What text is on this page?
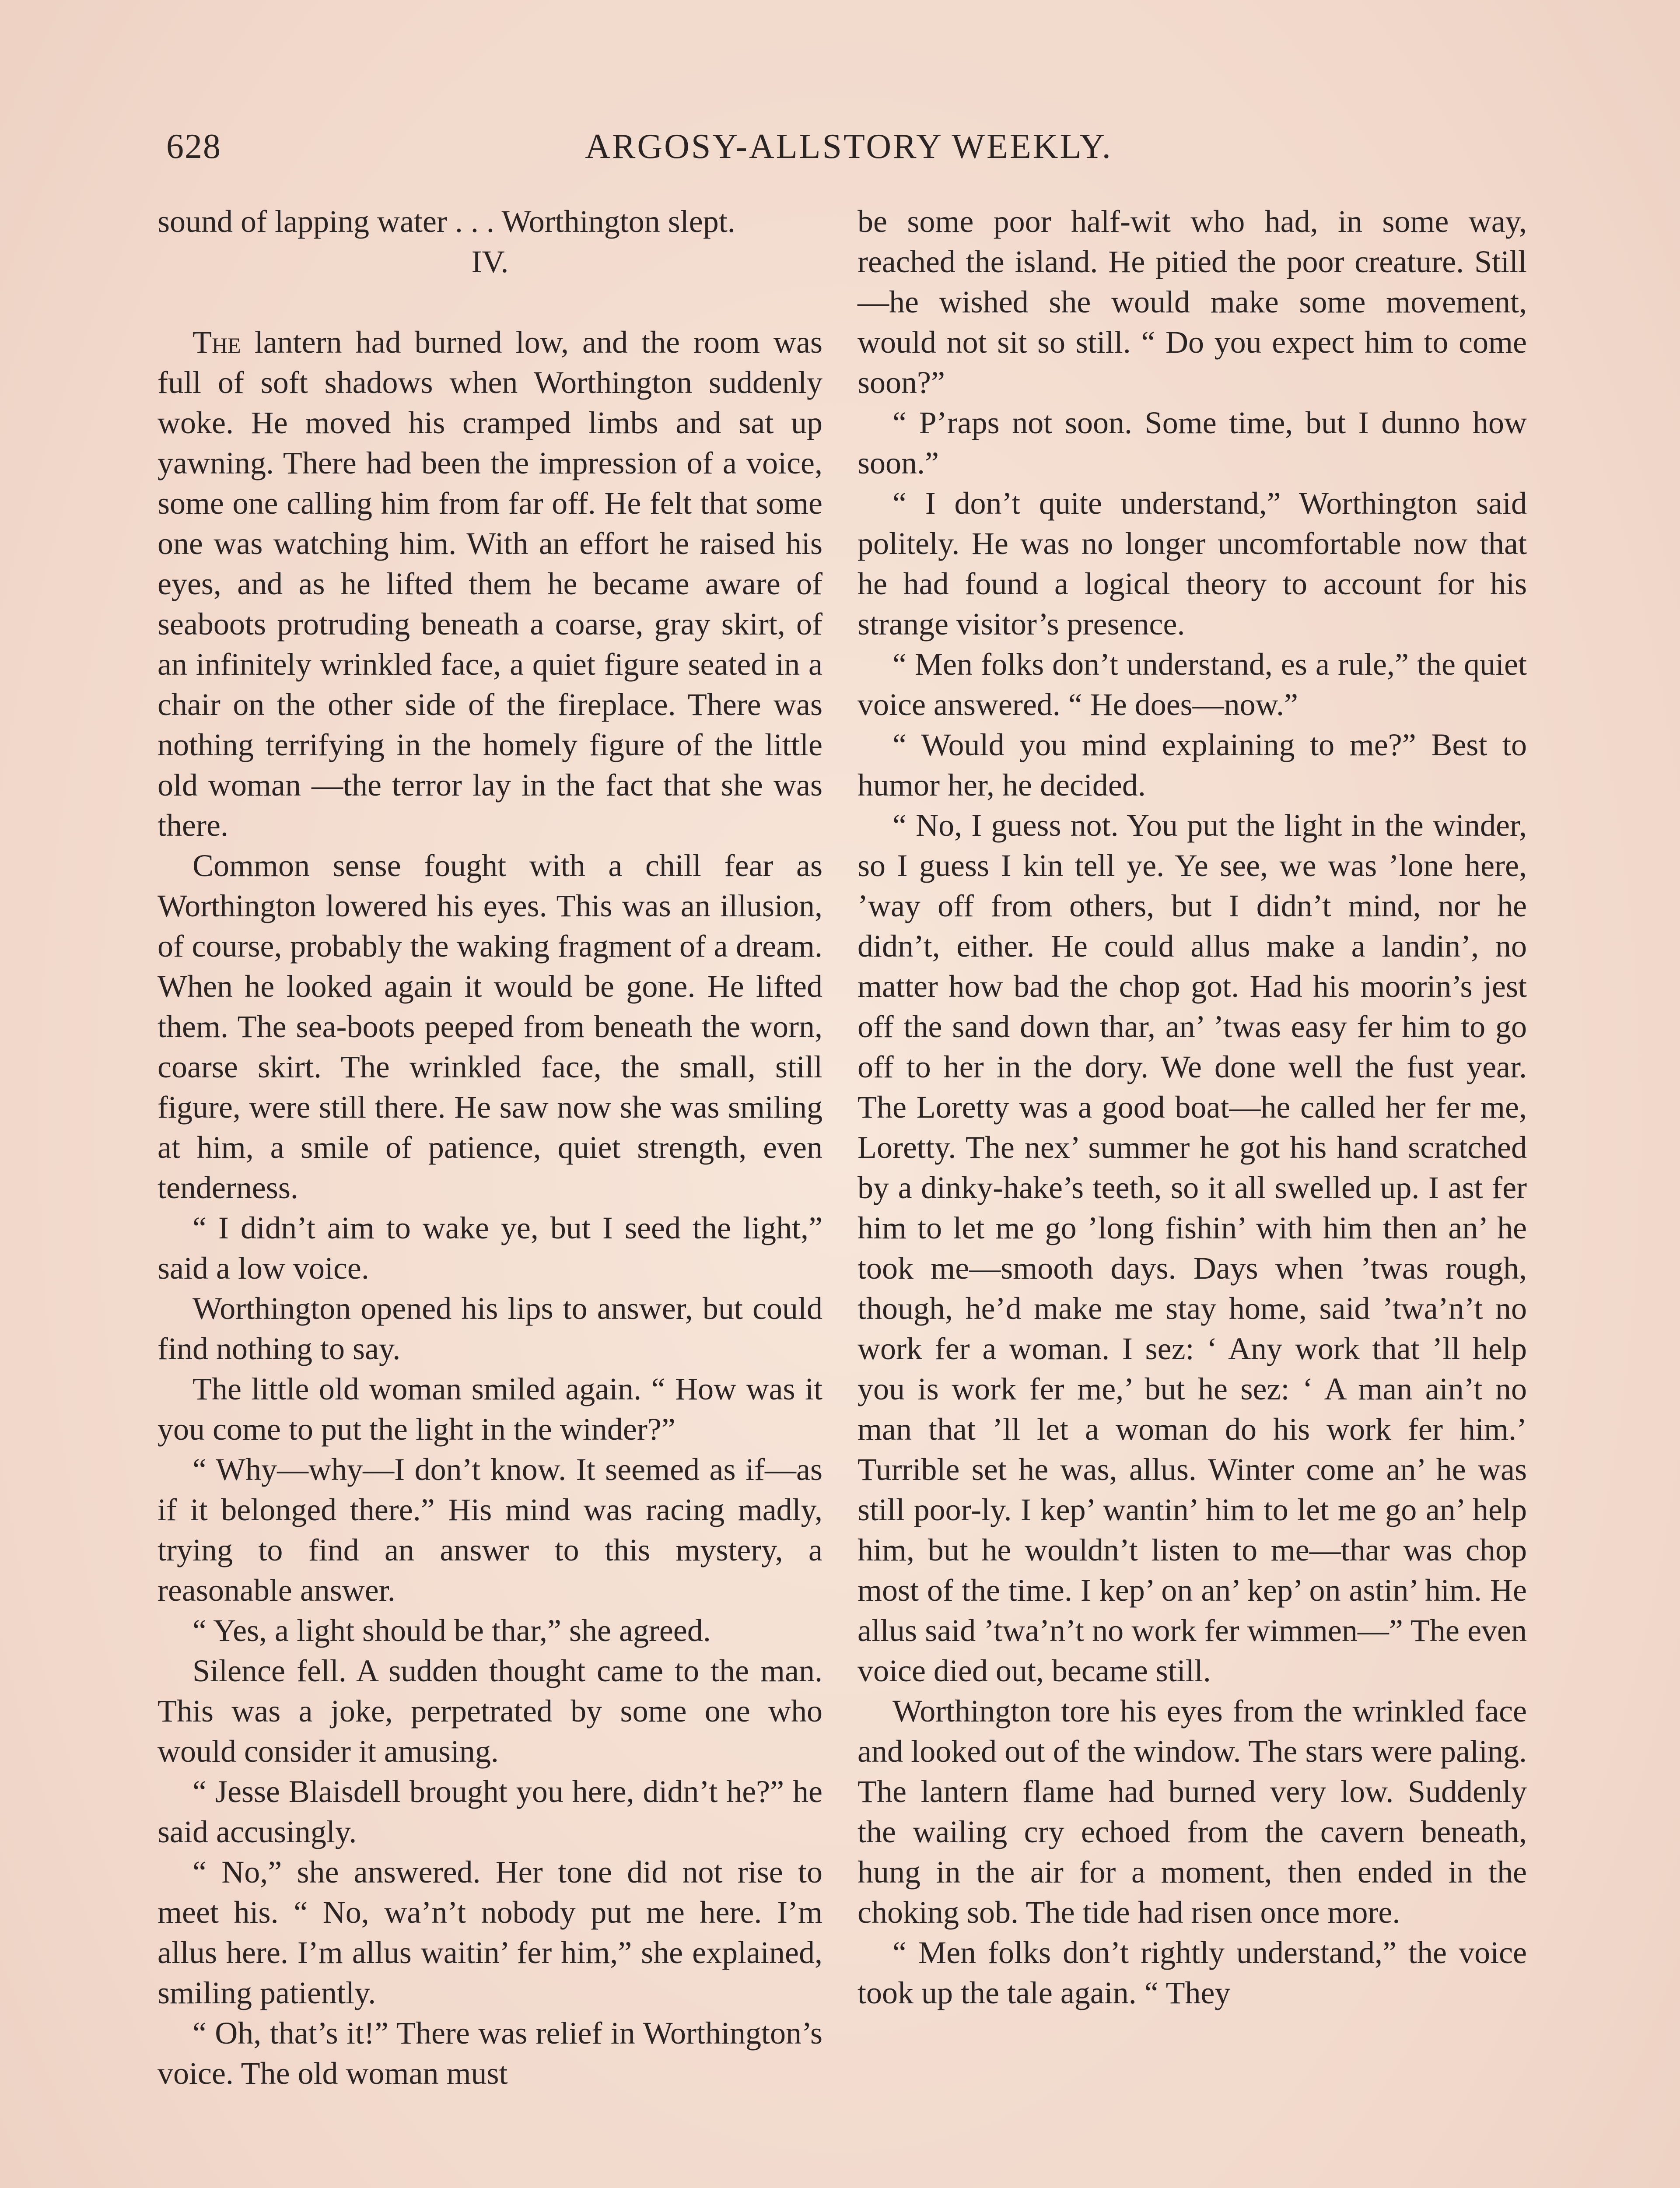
628	ARGOSY-ALLSTORY WEEKLY.

sound of lapping water . . . Worthington slept.

IV.

The lantern had burned low, and the room was full of soft shadows when Worthington suddenly woke. He moved his cramped limbs and sat up yawning. There had been the impression of a voice, some one calling him from far off. He felt that some one was watching him. With an effort he raised his eyes, and as he lifted them he became aware of seaboots protruding beneath a coarse, gray skirt, of an infinitely wrinkled face, a quiet figure seated in a chair on the other side of the fireplace. There was nothing terrifying in the homely figure of the little old woman —the terror lay in the fact that she was there.

Common sense fought with a chill fear as Worthington lowered his eyes. This was an illusion, of course, probably the waking fragment of a dream. When he looked again it would be gone. He lifted them. The sea-boots peeped from beneath the worn, coarse skirt. The wrinkled face, the small, still figure, were still there. He saw now she was smiling at him, a smile of patience, quiet strength, even tenderness.

“ I didn’t aim to wake ye, but I seed the light,” said a low voice.

Worthington opened his lips to answer, but could find nothing to say.

The little old woman smiled again. “ How was it you come to put the light in the winder?”

“ Why—why—I don’t know. It seemed as if—as if it belonged there.” His mind was racing madly, trying to find an answer to this mystery, a reasonable answer.

“ Yes, a light should be thar,” she agreed.

Silence fell. A sudden thought came to the man. This was a joke, perpetrated by some one who would consider it amusing.

“ Jesse Blaisdell brought you here, didn’t he?” he said accusingly.

“ No,” she answered. Her tone did not rise to meet his. “ No, wa’n’t nobody put me here. I’m allus here. I’m allus waitin’ fer him,” she explained, smiling patiently.

“ Oh, that’s it!” There was relief in Worthington’s voice. The old woman must

be some poor half-wit who had, in some way, reached the island. He pitied the poor creature. Still—he wished she would make some movement, would not sit so still. “ Do you expect him to come soon?”

“ P’raps not soon. Some time, but I dunno how soon.”

“ I don’t quite understand,” Worthington said politely. He was no longer uncomfortable now that he had found a logical theory to account for his strange visitor’s presence.

“ Men folks don’t understand, es a rule,” the quiet voice answered. “ He does—now.”

“ Would you mind explaining to me?” Best to humor her, he decided.

“ No, I guess not. You put the light in the winder, so I guess I kin tell ye. Ye see, we was ’lone here, ’way off from others, but I didn’t mind, nor he didn’t, either. He could allus make a landin’, no matter how bad the chop got. Had his moorin’s jest off the sand down thar, an’ ’twas easy fer him to go off to her in the dory. We done well the fust year. The Loretty was a good boat—he called her fer me, Loretty. The nex’ summer he got his hand scratched by a dinky-hake’s teeth, so it all swelled up. I ast fer him to let me go ’long fishin’ with him then an’ he took me—smooth days. Days when ’twas rough, though, he’d make me stay home, said ’twa’n’t no work fer a woman. I sez: ‘ Any work that ’ll help you is work fer me,’ but he sez: ‘ A man ain’t no man that ’ll let a woman do his work fer him.’ Turrible set he was, allus. Winter come an’ he was still poor-ly. I kep’ wantin’ him to let me go an’ help him, but he wouldn’t listen to me—thar was chop most of the time. I kep’ on an’ kep’ on astin’ him. He allus said ’twa’n’t no work fer wimmen—” The even voice died out, became still.

Worthington tore his eyes from the wrinkled face and looked out of the window. The stars were paling. The lantern flame had burned very low. Suddenly the wailing cry echoed from the cavern beneath, hung in the air for a moment, then ended in the choking sob. The tide had risen once more.

“ Men folks don’t rightly understand,” the voice took up the tale again. “ They
